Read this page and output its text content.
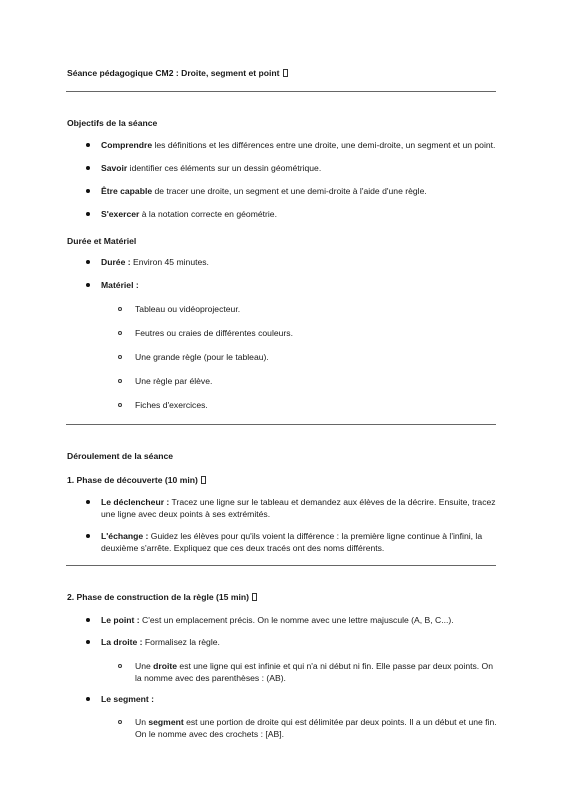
Séance pédagogique CM2 : Droite, segment et point
Objectifs de la séance
Comprendre les définitions et les différences entre une droite, une demi-droite, un segment et un point.
Savoir identifier ces éléments sur un dessin géométrique.
Être capable de tracer une droite, un segment et une demi-droite à l'aide d'une règle.
S'exercer à la notation correcte en géométrie.
Durée et Matériel
Durée : Environ 45 minutes.
Matériel :
Tableau ou vidéoprojecteur.
Feutres ou craies de différentes couleurs.
Une grande règle (pour le tableau).
Une règle par élève.
Fiches d'exercices.
Déroulement de la séance
1. Phase de découverte (10 min)
Le déclencheur : Tracez une ligne sur le tableau et demandez aux élèves de la décrire. Ensuite, tracez
une ligne avec deux points à ses extrémités.
L'échange : Guidez les élèves pour qu'ils voient la différence : la première ligne continue à l'infini, la
deuxième s'arrête. Expliquez que ces deux tracés ont des noms différents.
2. Phase de construction de la règle (15 min)
Le point : C'est un emplacement précis. On le nomme avec une lettre majuscule (A, B, C...).
La droite : Formalisez la règle.
Une droite est une ligne qui est infinie et qui n'a ni début ni fin. Elle passe par deux points. On
la nomme avec des parenthèses : (AB).
Le segment :
Un segment est une portion de droite qui est délimitée par deux points. Il a un début et une fin.
On le nomme avec des crochets : [AB].
